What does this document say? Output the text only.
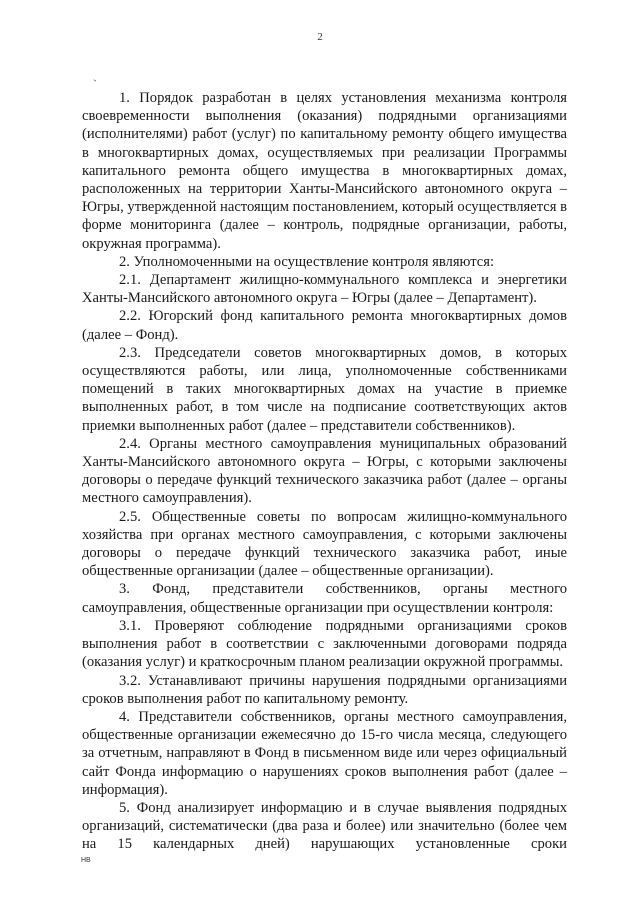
2
`

1. Порядок разработан в целях установления механизма контроля своевременности выполнения (оказания) подрядными организациями (исполнителями) работ (услуг) по капитальному ремонту общего имущества в многоквартирных домах, осуществляемых при реализации Программы капитального ремонта общего имущества в многоквартирных домах, расположенных на территории Ханты-Мансийского автономного округа – Югры, утвержденной настоящим постановлением, который осуществляется в форме мониторинга (далее – контроль, подрядные организации, работы, окружная программа).

2. Уполномоченными на осуществление контроля являются:

2.1. Департамент жилищно-коммунального комплекса и энергетики Ханты-Мансийского автономного округа – Югры (далее – Департамент).

2.2. Югорский фонд капитального ремонта многоквартирных домов (далее – Фонд).

2.3. Председатели советов многоквартирных домов, в которых осуществляются работы, или лица, уполномоченные собственниками помещений в таких многоквартирных домах на участие в приемке выполненных работ, в том числе на подписание соответствующих актов приемки выполненных работ (далее – представители собственников).

2.4. Органы местного самоуправления муниципальных образований Ханты-Мансийского автономного округа – Югры, с которыми заключены договоры о передаче функций технического заказчика работ (далее – органы местного самоуправления).

2.5. Общественные советы по вопросам жилищно-коммунального хозяйства при органах местного самоуправления, с которыми заключены договоры о передаче функций технического заказчика работ, иные общественные организации (далее – общественные организации).

3. Фонд, представители собственников, органы местного самоуправления, общественные организации при осуществлении контроля:

3.1. Проверяют соблюдение подрядными организациями сроков выполнения работ в соответствии с заключенными договорами подряда (оказания услуг) и краткосрочным планом реализации окружной программы.

3.2. Устанавливают причины нарушения подрядными организациями сроков выполнения работ по капитальному ремонту.

4. Представители собственников, органы местного самоуправления, общественные организации ежемесячно до 15-го числа месяца, следующего за отчетным, направляют в Фонд в письменном виде или через официальный сайт Фонда информацию о нарушениях сроков выполнения работ (далее – информация).

5. Фонд анализирует информацию и в случае выявления подрядных организаций, систематически (два раза и более) или значительно (более чем на 15 календарных дней) нарушающих установленные сроки

НВ
